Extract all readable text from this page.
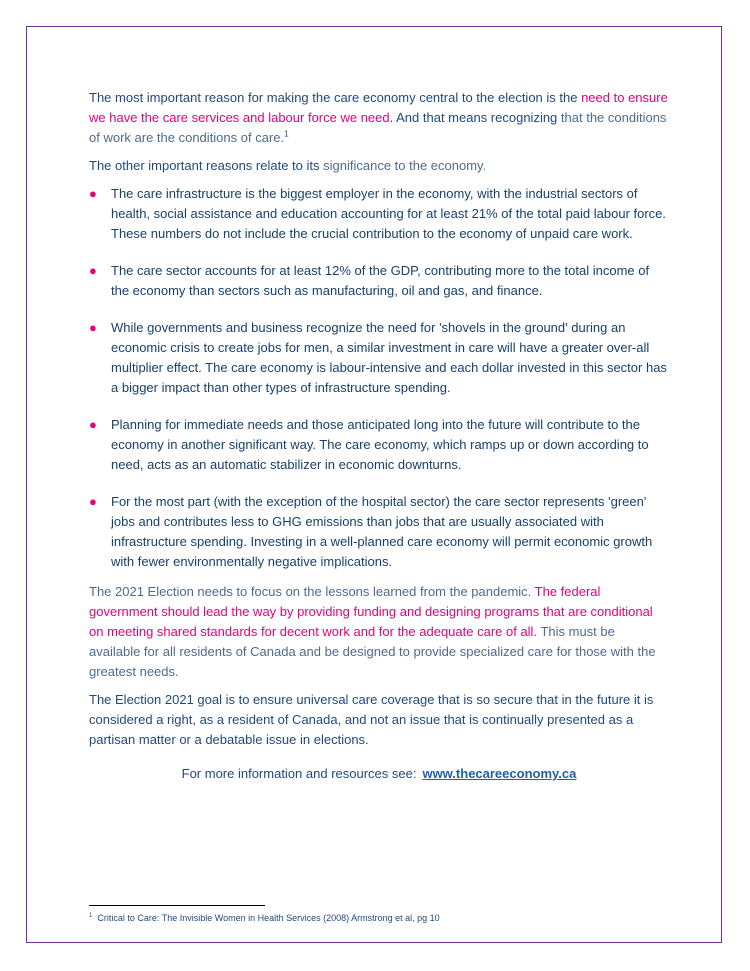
The most important reason for making the care economy central to the election is the need to ensure we have the care services and labour force we need. And that means recognizing that the conditions of work are the conditions of care.$^1$

The other important reasons relate to its significance to the economy.

● The care infrastructure is the biggest employer in the economy, with the industrial sectors of health, social assistance and education accounting for at least 21% of the total paid labour force. These numbers do not include the crucial contribution to the economy of unpaid care work.
● The care sector accounts for at least 12% of the GDP, contributing more to the total income of the economy than sectors such as manufacturing, oil and gas, and finance.
● While governments and business recognize the need for 'shovels in the ground' during an economic crisis to create jobs for men, a similar investment in care will have a greater over-all multiplier effect. The care economy is labour-intensive and each dollar invested in this sector has a bigger impact than other types of infrastructure spending.
● Planning for immediate needs and those anticipated long into the future will contribute to the economy in another significant way. The care economy, which ramps up or down according to need, acts as an automatic stabilizer in economic downturns.
● For the most part (with the exception of the hospital sector) the care sector represents 'green' jobs and contributes less to GHG emissions than jobs that are usually associated with infrastructure spending. Investing in a well-planned care economy will permit economic growth with fewer environmentally negative implications.

The 2021 Election needs to focus on the lessons learned from the pandemic. The federal government should lead the way by providing funding and designing programs that are conditional on meeting shared standards for decent work and for the adequate care of all. This must be available for all residents of Canada and be designed to provide specialized care for those with the greatest needs.

The Election 2021 goal is to ensure universal care coverage that is so secure that in the future it is considered a right, as a resident of Canada, and not an issue that is continually presented as a partisan matter or a debatable issue in elections.

For more information and resources see: www.thecareeconomy.ca

$^1$ Critical to Care: The Invisible Women in Health Services (2008) Armstrong et al, pg 10
